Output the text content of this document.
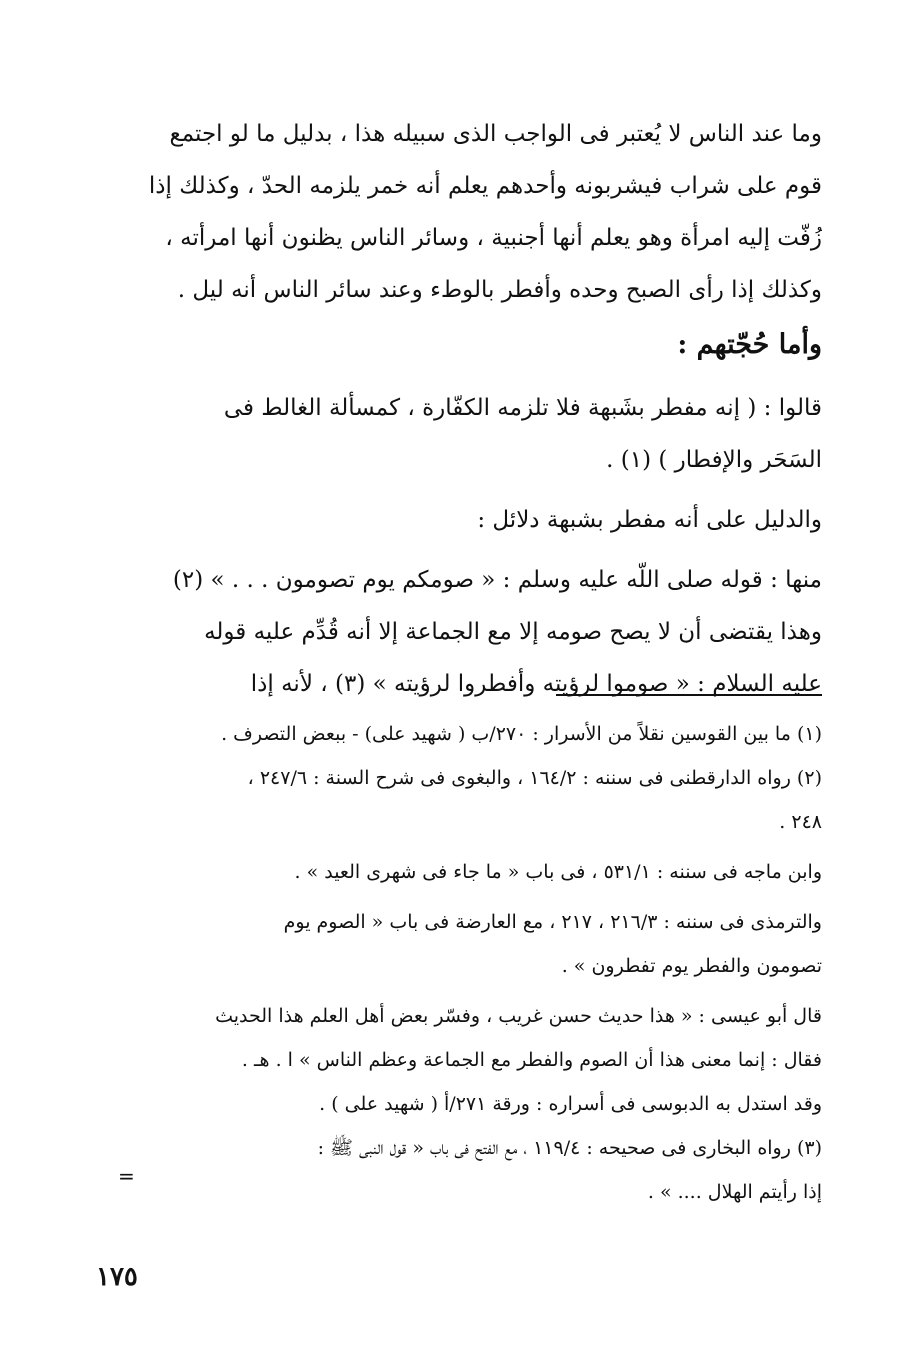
وما عند الناس لا يُعتبر فى الواجب الذى سبيله هذا ، بدليل ما لو اجتمع
قوم على شراب فيشربونه وأحدهم يعلم أنه خمر يلزمه الحدّ ، وكذلك إذا
زُفّت إليه امرأة وهو يعلم أنها أجنبية ، وسائر الناس يظنون أنها امرأته ،
وكذلك إذا رأى الصبح وحده وأفطر بالوطء وعند سائر الناس أنه ليل .
وأما حُجّتهم :
قالوا : ( إنه مفطر بشَبهة فلا تلزمه الكفّارة ، كمسألة الغالط فى
السَحَر والإفطار ) (١) .
والدليل على أنه مفطر بشبهة دلائل :
منها : قوله صلى اللّه عليه وسلم : « صومكم يوم تصومون . . . » (٢)
وهذا يقتضى أن لا يصح صومه إلا مع الجماعة إلا أنه قُدِّم عليه قوله
عليه السلام : « صوموا لرؤيته وأفطروا لرؤيته » (٣) ، لأنه إذا
(١) ما بين القوسين نقلاً من الأسرار : ٢٧٠/ب ( شهيد على) - ببعض التصرف .
(٢) رواه الدارقطنى فى سننه : ١٦٤/٢ ، والبغوى فى شرح السنة : ٢٤٧/٦ ،
٢٤٨ .
وابن ماجه فى سننه : ٥٣١/١ ، فى باب « ما جاء فى شهرى العيد » .
والترمذى فى سننه : ٢١٦/٣ ، ٢١٧ ، مع العارضة فى باب « الصوم يوم
تصومون والفطر يوم تفطرون » .
قال أبو عيسى : « هذا حديث حسن غريب ، وفسّر بعض أهل العلم هذا الحديث
فقال : إنما معنى هذا أن الصوم والفطر مع الجماعة وعظم الناس » ا . هـ .
وقد استدل به الدبوسى فى أسراره : ورقة ٢٧١/أ ( شهيد على ) .
(٣) رواه البخارى فى صحيحه : ١١٩/٤ ، مع الفتح فى باب « قول النبى ﷺ :
إذا رأيتم الهلال .... » .
=
١٧٥
